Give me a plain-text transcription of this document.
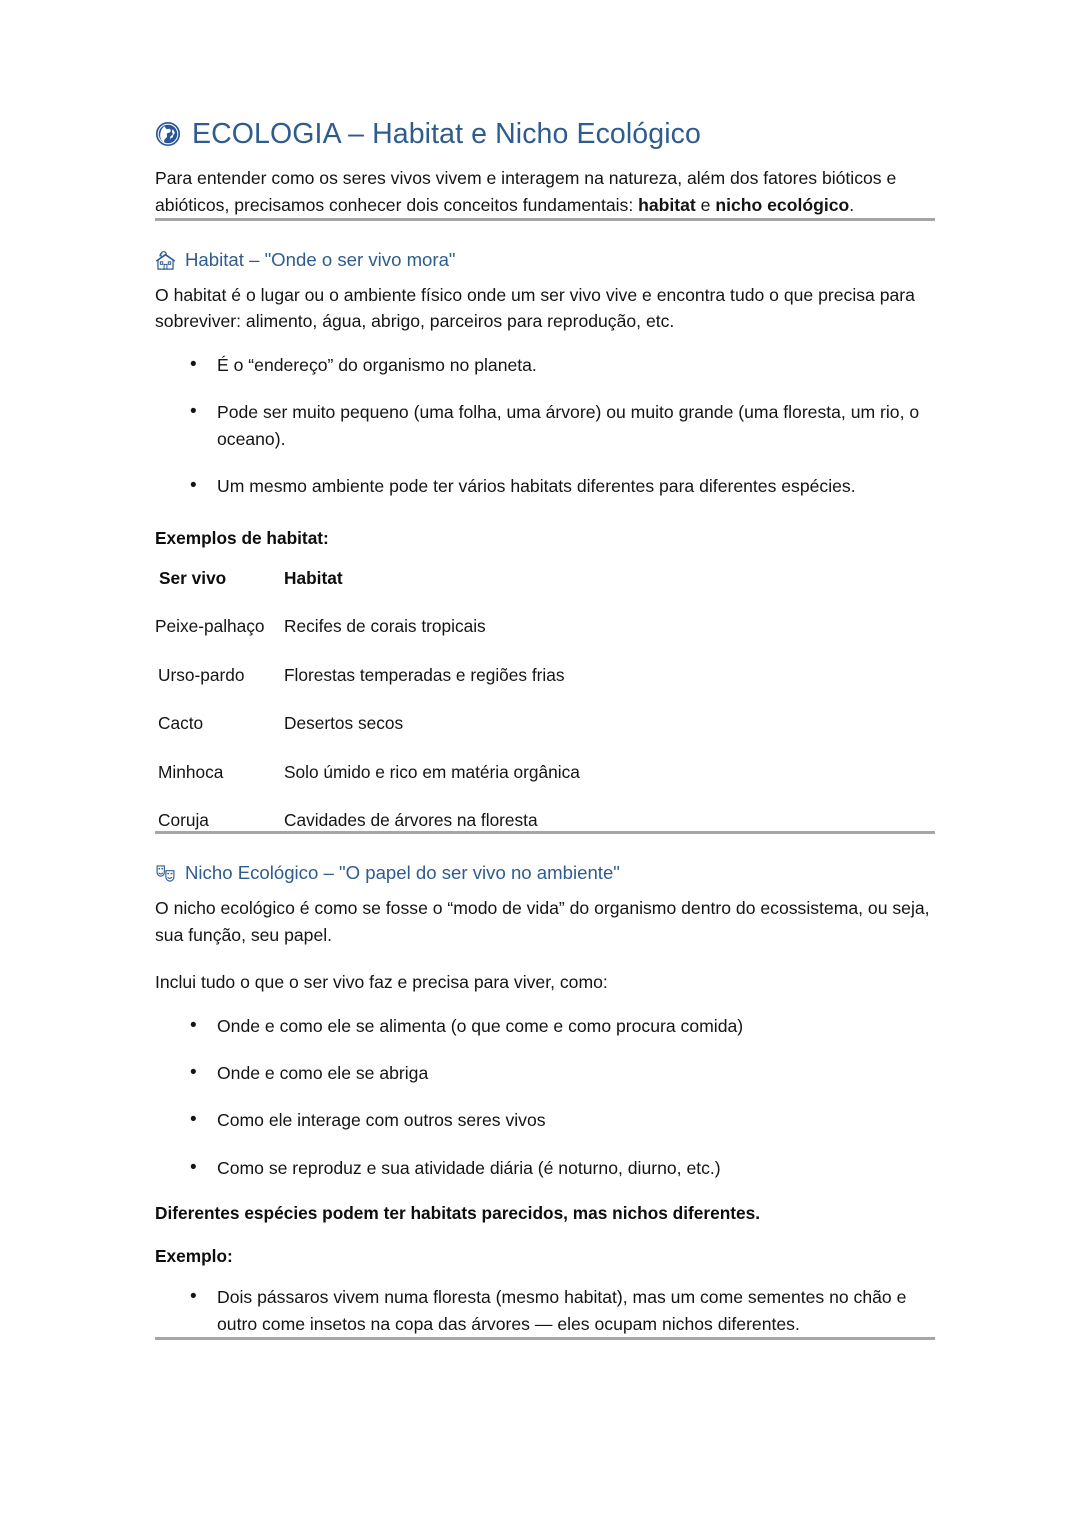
ECOLOGIA – Habitat e Nicho Ecológico

Para entender como os seres vivos vivem e interagem na natureza, além dos fatores bióticos e abióticos, precisamos conhecer dois conceitos fundamentais: habitat e nicho ecológico.

Habitat – "Onde o ser vivo mora"

O habitat é o lugar ou o ambiente físico onde um ser vivo vive e encontra tudo o que precisa para sobreviver: alimento, água, abrigo, parceiros para reprodução, etc.

• É o “endereço” do organismo no planeta.
• Pode ser muito pequeno (uma folha, uma árvore) ou muito grande (uma floresta, um rio, o oceano).
• Um mesmo ambiente pode ter vários habitats diferentes para diferentes espécies.

Exemplos de habitat:

Ser vivo	Habitat
Peixe-palhaço	Recifes de corais tropicais
Urso-pardo	Florestas temperadas e regiões frias
Cacto	Desertos secos
Minhoca	Solo úmido e rico em matéria orgânica
Coruja	Cavidades de árvores na floresta
Nicho Ecológico – "O papel do ser vivo no ambiente"

O nicho ecológico é como se fosse o “modo de vida” do organismo dentro do ecossistema, ou seja, sua função, seu papel.

Inclui tudo o que o ser vivo faz e precisa para viver, como:

• Onde e como ele se alimenta (o que come e como procura comida)
• Onde e como ele se abriga
• Como ele interage com outros seres vivos
• Como se reproduz e sua atividade diária (é noturno, diurno, etc.)

Diferentes espécies podem ter habitats parecidos, mas nichos diferentes.

Exemplo:

• Dois pássaros vivem numa floresta (mesmo habitat), mas um come sementes no chão e outro come insetos na copa das árvores — eles ocupam nichos diferentes.
